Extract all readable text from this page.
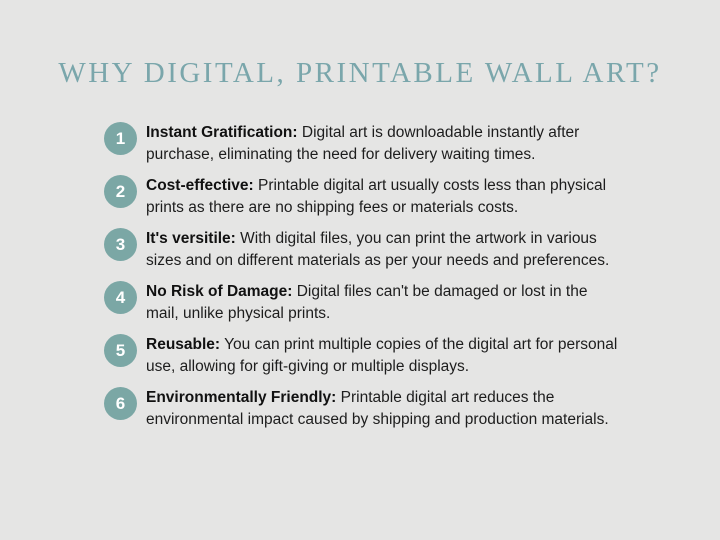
WHY DIGITAL, PRINTABLE WALL ART?
1	Instant Gratification: Digital art is downloadable instantly after purchase, eliminating the need for delivery waiting times.

2	Cost-effective: Printable digital art usually costs less than physical prints as there are no shipping fees or materials costs.

3	It's versitile: With digital files, you can print the artwork in various sizes and on different materials as per your needs and preferences.

4	No Risk of Damage: Digital files can't be damaged or lost in the mail, unlike physical prints.

5	Reusable: You can print multiple copies of the digital art for personal use, allowing for gift-giving or multiple displays.

6	Environmentally Friendly: Printable digital art reduces the environmental impact caused by shipping and production materials.
